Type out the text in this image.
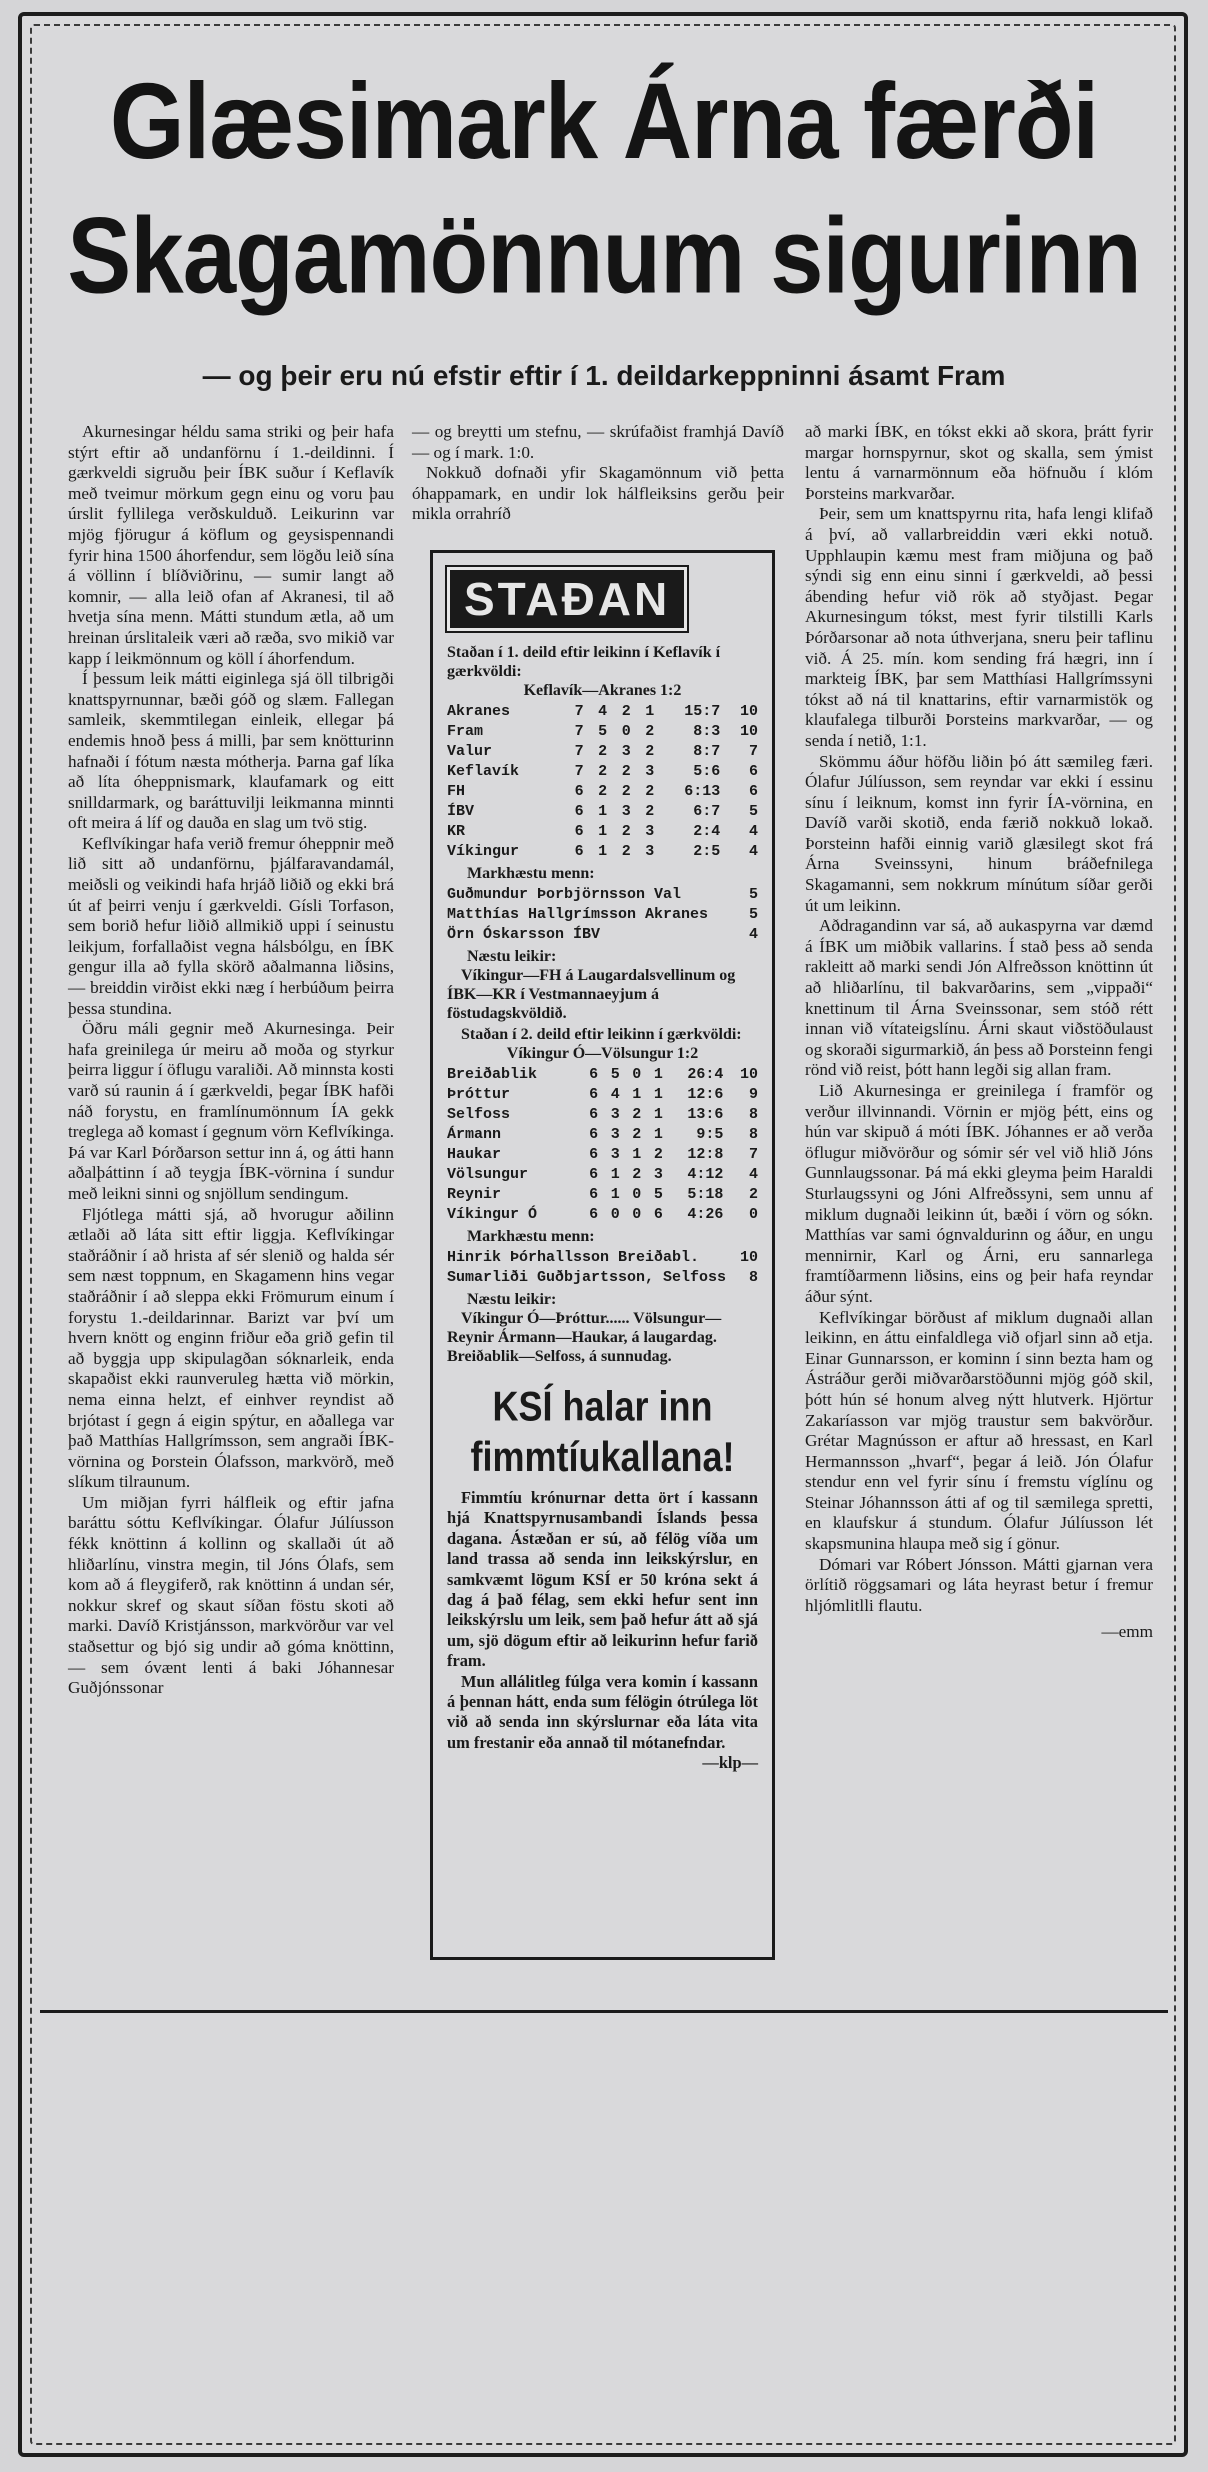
Glæsimark Árna færði
Skagamönnum sigurinn
— og þeir eru nú efstir eftir í 1. deildarkeppninni ásamt Fram

Akurnesingar héldu sama striki og þeir hafa stýrt eftir að undanförnu í 1.-deildinni. Í gærkveldi sigruðu þeir ÍBK suður í Keflavík með tveimur mörkum gegn einu og voru þau úrslit fyllilega verðskulduð. Leikurinn var mjög fjörugur á köflum og geysispennandi fyrir hina 1500 áhorfendur, sem lögðu leið sína á völlinn í blíðviðrinu, — sumir langt að komnir, — alla leið ofan af Akranesi, til að hvetja sína menn. Mátti stundum ætla, að um hreinan úrslitaleik væri að ræða, svo mikið var kapp í leikmönnum og köll í áhorfendum.

Í þessum leik mátti eiginlega sjá öll tilbrigði knattspyrnunnar, bæði góð og slæm. Fallegan samleik, skemmtilegan einleik, ellegar þá endemis hnoð þess á milli, þar sem knötturinn hafnaði í fótum næsta mótherja. Þarna gaf líka að líta óheppnismark, klaufamark og eitt snilldarmark, og baráttuvilji leikmanna minnti oft meira á líf og dauða en slag um tvö stig.

Keflvíkingar hafa verið fremur óheppnir með lið sitt að undanförnu, þjálfaravandamál, meiðsli og veikindi hafa hrjáð liðið og ekki brá út af þeirri venju í gærkveldi. Gísli Torfason, sem borið hefur liðið allmikið uppi í seinustu leikjum, forfallaðist vegna hálsbólgu, en ÍBK gengur illa að fylla skörð aðalmanna liðsins, — breiddin virðist ekki næg í herbúðum þeirra þessa stundina.

Öðru máli gegnir með Akurnesinga. Þeir hafa greinilega úr meiru að moða og styrkur þeirra liggur í öflugu varaliði. Að minnsta kosti varð sú raunin á í gærkveldi, þegar ÍBK hafði náð forystu, en framlínumönnum ÍA gekk treglega að komast í gegnum vörn Keflvíkinga. Þá var Karl Þórðarson settur inn á, og átti hann aðalþáttinn í að teygja ÍBK-vörnina í sundur með leikni sinni og snjöllum sendingum.

Fljótlega mátti sjá, að hvorugur aðilinn ætlaði að láta sitt eftir liggja. Keflvíkingar staðráðnir í að hrista af sér slenið og halda sér sem næst toppnum, en Skagamenn hins vegar staðráðnir í að sleppa ekki Frömurum einum í forystu 1.-deildarinnar. Barizt var því um hvern knött og enginn friður eða grið gefin til að byggja upp skipulagðan sóknarleik, enda skapaðist ekki raunveruleg hætta við mörkin, nema einna helzt, ef einhver reyndist að brjótast í gegn á eigin spýtur, en aðallega var það Matthías Hallgrímsson, sem angraði ÍBK-vörnina og Þorstein Ólafsson, markvörð, með slíkum tilraunum.

Um miðjan fyrri hálfleik og eftir jafna baráttu sóttu Keflvíkingar. Ólafur Júlíusson fékk knöttinn á kollinn og skallaði út að hliðarlínu, vinstra megin, til Jóns Ólafs, sem kom að á fleygiferð, rak knöttinn á undan sér, nokkur skref og skaut síðan föstu skoti að marki. Davíð Kristjánsson, markvörður var vel staðsettur og bjó sig undir að góma knöttinn, — sem óvænt lenti á baki Jóhannesar Guðjónssonar

— og breytti um stefnu, — skrúfaðist framhjá Davíð — og í mark. 1:0.

Nokkuð dofnaði yfir Skagamönnum við þetta óhappamark, en undir lok hálfleiksins gerðu þeir mikla orrahríð

STAÐAN

Staðan í 1. deild eftir leikinn í Keflavík í gærkvöldi:

Keflavík—Akranes 1:2

Akranes	7	4	2	1	15:7	10
Fram	7	5	0	2	8:3	10
Valur	7	2	3	2	8:7	7
Keflavík	7	2	2	3	5:6	6
FH	6	2	2	2	6:13	6
ÍBV	6	1	3	2	6:7	5
KR	6	1	2	3	2:4	4
Víkingur	6	1	2	3	2:5	4

Markhæstu menn:

Guðmundur Þorbjörnsson Val	5
Matthías Hallgrímsson Akranes	5
Örn Óskarsson ÍBV	4

Næstu leikir:

Víkingur—FH á Laugardalsvellinum og ÍBK—KR í Vestmannaeyjum á föstudagskvöldið.

Staðan í 2. deild eftir leikinn í gærkvöldi:

Víkingur Ó—Völsungur 1:2

Breiðablik	6	5	0	1	26:4	10
Þróttur	6	4	1	1	12:6	9
Selfoss	6	3	2	1	13:6	8
Ármann	6	3	2	1	9:5	8
Haukar	6	3	1	2	12:8	7
Völsungur	6	1	2	3	4:12	4
Reynir	6	1	0	5	5:18	2
Víkingur Ó	6	0	0	6	4:26	0

Markhæstu menn:

Hinrik Þórhallsson Breiðabl.	10
Sumarliði Guðbjartsson, Selfoss	8

Næstu leikir:

Víkingur Ó—Þróttur...... Völsungur—Reynir Ármann—Haukar, á laugardag. Breiðablik—Selfoss, á sunnudag.

KSÍ halar inn fimmtíukallana!

Fimmtíu krónurnar detta ört í kassann hjá Knattspyrnusambandi Íslands þessa dagana. Ástæðan er sú, að félög víða um land trassa að senda inn leikskýrslur, en samkvæmt lögum KSÍ er 50 króna sekt á dag á það félag, sem ekki hefur sent inn leikskýrslu um leik, sem það hefur átt að sjá um, sjö dögum eftir að leikurinn hefur farið fram.

Mun allálitleg fúlga vera komin í kassann á þennan hátt, enda sum félögin ótrúlega löt við að senda inn skýrslurnar eða láta vita um frestanir eða annað til mótanefndar.

—klp—

að marki ÍBK, en tókst ekki að skora, þrátt fyrir margar hornspyrnur, skot og skalla, sem ýmist lentu á varnarmönnum eða höfnuðu í klóm Þorsteins markvarðar.

Þeir, sem um knattspyrnu rita, hafa lengi klifað á því, að vallarbreiddin væri ekki notuð. Upphlaupin kæmu mest fram miðjuna og það sýndi sig enn einu sinni í gærkveldi, að þessi ábending hefur við rök að styðjast. Þegar Akurnesingum tókst, mest fyrir tilstilli Karls Þórðarsonar að nota úthverjana, sneru þeir taflinu við. Á 25. mín. kom sending frá hægri, inn í markteig ÍBK, þar sem Matthíasi Hallgrímssyni tókst að ná til knattarins, eftir varnarmistök og klaufalega tilburði Þorsteins markvarðar, — og senda í netið, 1:1.

Skömmu áður höfðu liðin þó átt sæmileg færi. Ólafur Júlíusson, sem reyndar var ekki í essinu sínu í leiknum, komst inn fyrir ÍA-vörnina, en Davíð varði skotið, enda færið nokkuð lokað. Þorsteinn hafði einnig varið glæsilegt skot frá Árna Sveinssyni, hinum bráðefnilega Skagamanni, sem nokkrum mínútum síðar gerði út um leikinn.

Aðdragandinn var sá, að aukaspyrna var dæmd á ÍBK um miðbik vallarins. Í stað þess að senda rakleitt að marki sendi Jón Alfreðsson knöttinn út að hliðarlínu, til bakvarðarins, sem „vippaði“ knettinum til Árna Sveinssonar, sem stóð rétt innan við vítateigslínu. Árni skaut viðstöðulaust og skoraði sigurmarkið, án þess að Þorsteinn fengi rönd við reist, þótt hann legði sig allan fram.

Lið Akurnesinga er greinilega í framför og verður illvinnandi. Vörnin er mjög þétt, eins og hún var skipuð á móti ÍBK. Jóhannes er að verða öflugur miðvörður og sómir sér vel við hlið Jóns Gunnlaugssonar. Þá má ekki gleyma þeim Haraldi Sturlaugssyni og Jóni Alfreðssyni, sem unnu af miklum dugnaði leikinn út, bæði í vörn og sókn. Matthías var sami ógnvaldurinn og áður, en ungu mennirnir, Karl og Árni, eru sannarlega framtíðarmenn liðsins, eins og þeir hafa reyndar áður sýnt.

Keflvíkingar börðust af miklum dugnaði allan leikinn, en áttu einfaldlega við ofjarl sinn að etja. Einar Gunnarsson, er kominn í sinn bezta ham og Ástráður gerði miðvarðarstöðunni mjög góð skil, þótt hún sé honum alveg nýtt hlutverk. Hjörtur Zakaríasson var mjög traustur sem bakvörður. Grétar Magnússon er aftur að hressast, en Karl Hermannsson „hvarf“, þegar á leið. Jón Ólafur stendur enn vel fyrir sínu í fremstu víglínu og Steinar Jóhannsson átti af og til sæmilega spretti, en klaufskur á stundum. Ólafur Júlíusson lét skapsmunina hlaupa með sig í gönur.

Dómari var Róbert Jónsson. Mátti gjarnan vera örlítið röggsamari og láta heyrast betur í fremur hljómlitlli flautu.

—emm
